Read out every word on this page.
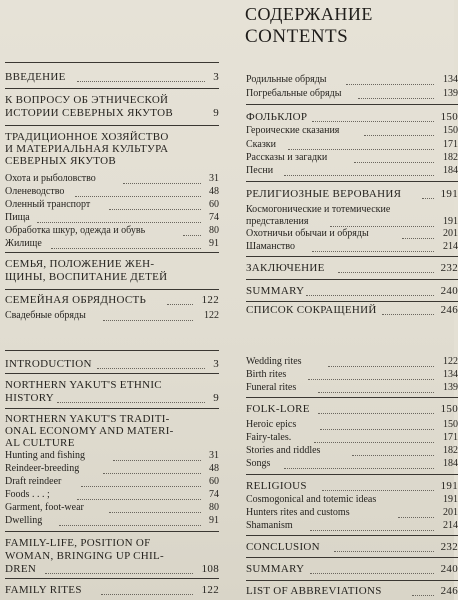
СОДЕРЖАНИЕ
CONTENTS
ВВЕДЕНИЕ	3
К ВОПРОСУ ОБ ЭТНИЧЕСКОЙ
ИСТОРИИ СЕВЕРНЫХ ЯКУТОВ	9
ТРАДИЦИОННОЕ ХОЗЯЙСТВО
И МАТЕРИАЛЬНАЯ КУЛЬТУРА
СЕВЕРНЫХ ЯКУТОВ
Охота и рыболовство	31
Оленеводство	48
Оленный транспорт	60
Пища	74
Обработка шкур, одежда и обувь	80
Жилище	91
СЕМЬЯ, ПОЛОЖЕНИЕ ЖЕН-
ЩИНЫ, ВОСПИТАНИЕ ДЕТЕЙ
СЕМЕЙНАЯ ОБРЯДНОСТЬ	122
Свадебные обряды	122
Родильные обряды	134
Погребальные обряды	139
ФОЛЬКЛОР	150
Героические сказания	150
Сказки	171
Рассказы и загадки	182
Песни	184
РЕЛИГИОЗНЫЕ ВЕРОВАНИЯ	191
Космогонические и тотемические
представления	191
Охотничьи обычаи и обряды	201
Шаманство	214
ЗАКЛЮЧЕНИЕ	232
SUMMARY	240
СПИСОК СОКРАЩЕНИЙ	246
INTRODUCTION	3
NORTHERN YAKUT'S ETHNIC
HISTORY	9
NORTHERN YAKUT'S TRADITI-
ONAL ECONOMY AND MATERI-
AL CULTURE
Hunting and fishing	31
Reindeer-breeding	48
Draft reindeer	60
Foods . . . ;	74
Garment, foot-wear	80
Dwelling	91
FAMILY-LIFE, POSITION OF
WOMAN, BRINGING UP CHIL-
DREN	108
FAMILY RITES	122
Wedding rites	122
Birth rites	134
Funeral rites	139
FOLK-LORE	150
Heroic epics	150
Fairy-tales.	171
Stories and riddles	182
Songs	184
RELIGIOUS	191
Cosmogonical and totemic ideas	191
Hunters rites and customs	201
Shamanism	214
CONCLUSION	232
SUMMARY	240
LIST OF ABBREVIATIONS	246
